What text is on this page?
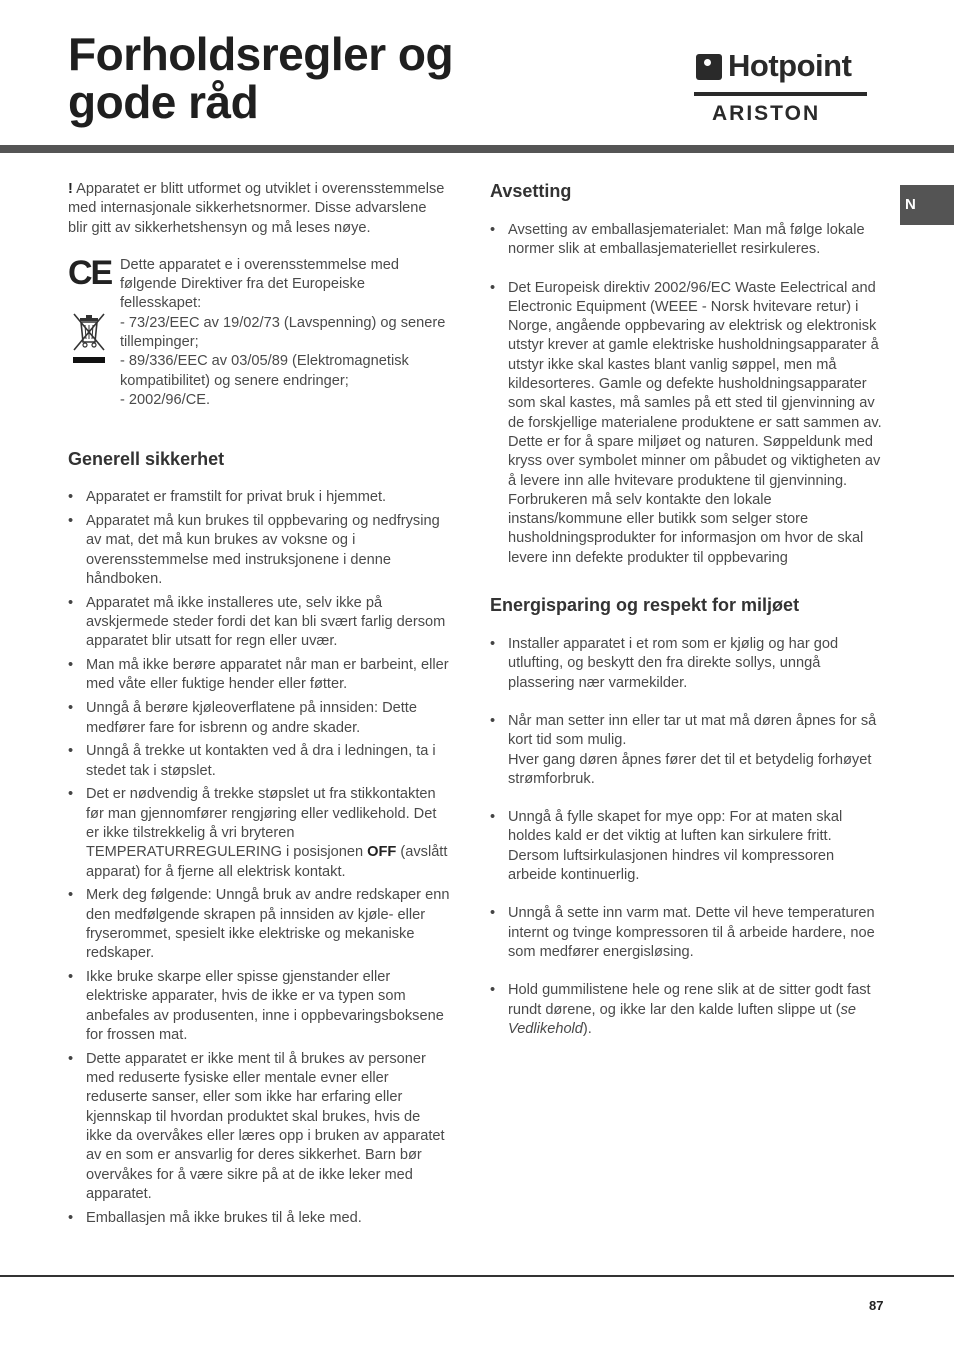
Forholdsregler og gode råd
Hotpoint
ARISTON
N

! Apparatet er blitt utformet og utviklet i overensstemmelse med internasjonale sikkerhetsnormer. Disse advarslene blir gitt av sikkerhetshensyn og må leses nøye.

CE Dette apparatet e i overensstemmelse med følgende Direktiver fra det Europeiske fellesskapet:

- 73/23/EEC av 19/02/73 (Lavspenning) og senere tillempinger;

- 89/336/EEC av 03/05/89 (Elektromagnetisk kompatibilitet) og senere endringer;

- 2002/96/CE.

Generell sikkerhet
• Apparatet er framstilt for privat bruk i hjemmet.
• Apparatet må kun brukes til oppbevaring og nedfrysing av mat, det må kun brukes av voksne og i overensstemmelse med instruksjonene i denne håndboken.
• Apparatet må ikke installeres ute, selv ikke på avskjermede steder fordi det kan bli svært farlig dersom apparatet blir utsatt for regn eller uvær.
• Man må ikke berøre apparatet når man er barbeint, eller med våte eller fuktige hender eller føtter.
• Unngå å berøre kjøleoverflatene på innsiden: Dette medfører fare for isbrenn og andre skader.
• Unngå å trekke ut kontakten ved å dra i ledningen, ta i stedet tak i støpslet.
• Det er nødvendig å trekke støpslet ut fra stikkontakten før man gjennomfører rengjøring eller vedlikehold. Det er ikke tilstrekkelig å vri bryteren TEMPERATURREGULERING i posisjonen OFF (avslått apparat) for å fjerne all elektrisk kontakt.
• Merk deg følgende: Unngå bruk av andre redskaper enn den medfølgende skrapen på innsiden av kjøle- eller fryserommet, spesielt ikke elektriske og mekaniske redskaper.
• Ikke bruke skarpe eller spisse gjenstander eller elektriske apparater, hvis de ikke er va typen som anbefales av produsenten, inne i oppbevaringsboksene for frossen mat.
• Dette apparatet er ikke ment til å brukes av personer med reduserte fysiske eller mentale evner eller reduserte sanser, eller som ikke har erfaring eller kjennskap til hvordan produktet skal brukes, hvis de ikke da overvåkes eller læres opp i bruken av apparatet av en som er ansvarlig for deres sikkerhet. Barn bør overvåkes for å være sikre på at de ikke leker med apparatet.
• Emballasjen må ikke brukes til å leke med.
Avsetting
• Avsetting av emballasjematerialet: Man må følge lokale normer slik at emballasjemateriellet resirkuleres.
• Det Europeisk direktiv 2002/96/EC Waste Eelectrical and Electronic Equipment (WEEE - Norsk hvitevare retur) i Norge, angående oppbevaring av elektrisk og elektronisk utstyr krever at gamle elektriske husholdningsapparater å utstyr ikke skal kastes blant vanlig søppel, men må kildesorteres. Gamle og defekte husholdningsapparater som skal kastes, må samles på ett sted til gjenvinning av de forskjellige materialene produktene er satt sammen av. Dette er for å spare miljøet og naturen. Søppeldunk med kryss over symbolet minner om påbudet og viktigheten av å levere inn alle hvitevare produktene til gjenvinning. Forbrukeren må selv kontakte den lokale instans/kommune eller butikk som selger store husholdningsprodukter for informasjon om hvor de skal levere inn defekte produkter til oppbevaring
Energisparing og respekt for miljøet
• Installer apparatet i et rom som er kjølig og har god utlufting, og beskytt den fra direkte sollys, unngå plassering nær varmekilder.
• Når man setter inn eller tar ut mat må døren åpnes for så kort tid som mulig.
Hver gang døren åpnes fører det til et betydelig forhøyet strømforbruk.
• Unngå å fylle skapet for mye opp: For at maten skal holdes kald er det viktig at luften kan sirkulere fritt. Dersom luftsirkulasjonen hindres vil kompressoren arbeide kontinuerlig.
• Unngå å sette inn varm mat. Dette vil heve temperaturen internt og tvinge kompressoren til å arbeide hardere, noe som medfører energisløsing.
• Hold gummilistene hele og rene slik at de sitter godt fast rundt dørene, og ikke lar den kalde luften slippe ut (se Vedlikehold).
87
